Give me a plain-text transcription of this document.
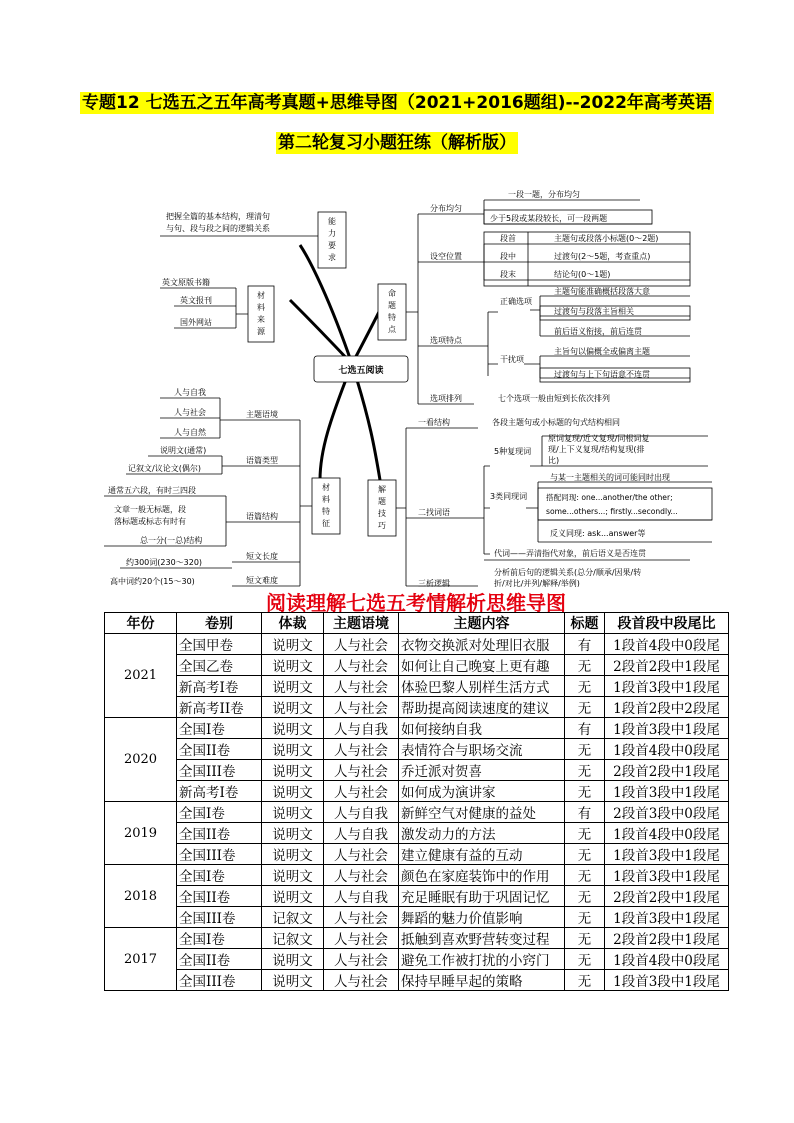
专题12 七选五之五年高考真题+思维导图（2021+2016题组)--2022年高考英语
第二轮复习小题狂练（解析版）
七选五阅读
能
力
要
求
把握全篇的基本结构，理清句
与句、段与段之间的逻辑关系
材
料
来
源
英文原版书籍
英文报刊
国外网站
命
题
特
点
分布均匀
设空位置
选项特点
选项排列
一段一题，分布均匀
少于5段或某段较长，可一段两题
段首	主题句或段落小标题(0～2题)
段中	过渡句(2～5题，考查重点)
段末	结论句(0～1题)
正确选项
干扰项
主题句能准确概括段落大意
过渡句与段落主旨相关
前后语义衔接，前后连贯
主旨句以偏概全或偏离主题
过渡句与上下句语意不连贯
七个选项一般由短到长依次排列
材
料
特
征
主题语境
语篇类型
语篇结构
短文长度
短文难度
人与自我
人与社会
人与自然
说明文(通常)
记叙文/议论文(偶尔)
通常五六段，有时三四段
文章一般无标题，段
落标题或标志有时有
总一分(一总)结构
约300词(230～320)
高中词约20个(15～30)
解
题
技
巧
一看结构
二找词语
三析逻辑
各段主题句或小标题的句式结构相同
5种复现词
原词复现/近义复现/同根词复
现/上下义复现/结构复现(排
比)
3类同现词
与某一主题相关的词可能同时出现
搭配同现: one...another/the other;
some...others...; firstly...secondly...
反义同现: ask...answer等
代词——弄清指代对象，前后语义是否连贯
分析前后句的逻辑关系(总分/顺承/因果/转
折/对比/并列/解释/举例)
阅读理解七选五考情解析思维导图
年份	卷别	体裁	主题语境	主题内容	标题	段首段中段尾比
2021	全国甲卷	说明文	人与社会	衣物交换派对处理旧衣服	有	1段首4段中0段尾
	全国乙卷	说明文	人与社会	如何让自己晚宴上更有趣	无	2段首2段中1段尾
	新高考I卷	说明文	人与社会	体验巴黎人别样生活方式	无	1段首3段中1段尾
	新高考II卷	说明文	人与社会	帮助提高阅读速度的建议	无	1段首2段中2段尾
2020	全国I卷	说明文	人与自我	如何接纳自我	有	1段首3段中1段尾
	全国II卷	说明文	人与社会	表情符合与职场交流	无	1段首4段中0段尾
	全国III卷	说明文	人与社会	乔迁派对贺喜	无	2段首2段中1段尾
	新高考I卷	说明文	人与社会	如何成为演讲家	无	1段首3段中1段尾
2019	全国I卷	说明文	人与自我	新鲜空气对健康的益处	有	2段首3段中0段尾
	全国II卷	说明文	人与自我	激发动力的方法	无	1段首4段中0段尾
	全国III卷	说明文	人与社会	建立健康有益的互动	无	1段首3段中1段尾
2018	全国I卷	说明文	人与社会	颜色在家庭装饰中的作用	无	1段首3段中1段尾
	全国II卷	说明文	人与自我	充足睡眠有助于巩固记忆	无	2段首2段中1段尾
	全国III卷	记叙文	人与社会	舞蹈的魅力价值影响	无	1段首3段中1段尾
2017	全国I卷	记叙文	人与社会	抵触到喜欢野营转变过程	无	2段首2段中1段尾
	全国II卷	说明文	人与社会	避免工作被打扰的小窍门	无	1段首4段中0段尾
	全国III卷	说明文	人与社会	保持早睡早起的策略	无	1段首3段中1段尾
